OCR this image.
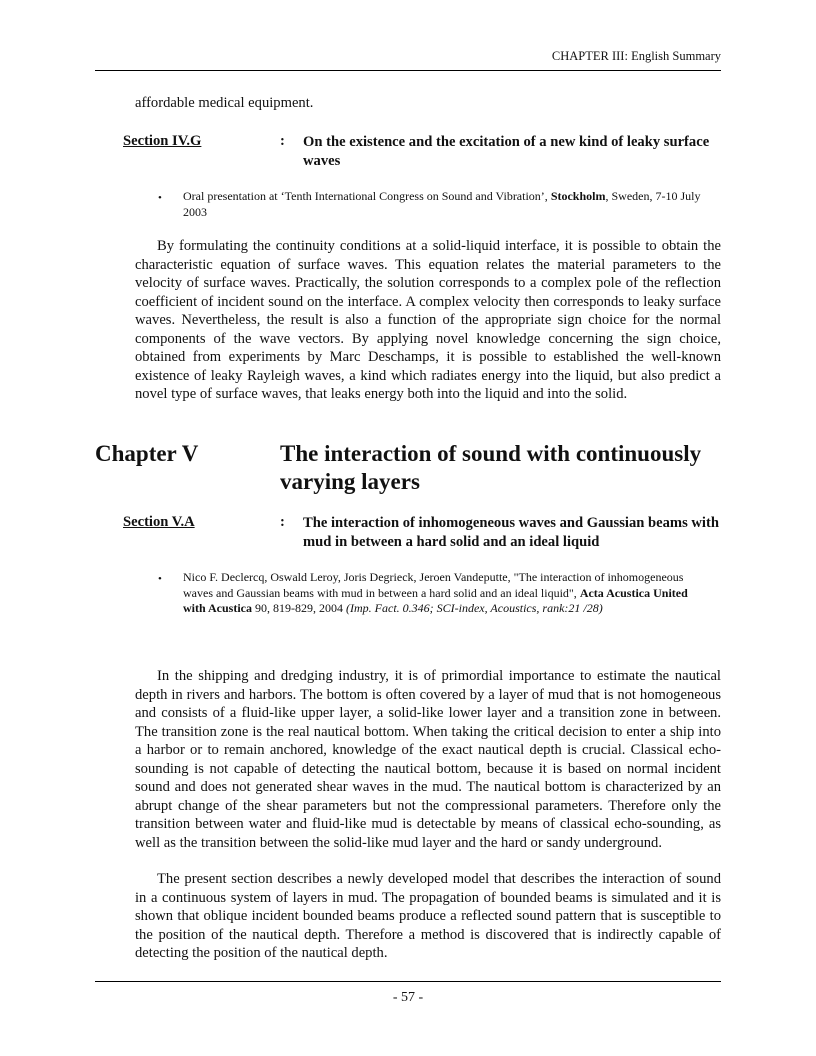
CHAPTER III: English Summary
affordable medical equipment.
Section IV.G	: On the existence and the excitation of a new kind of leaky surface waves
• Oral presentation at ‘Tenth International Congress on Sound and Vibration’, Stockholm, Sweden, 7-10 July 2003
By formulating the continuity conditions at a solid-liquid interface, it is possible to obtain the characteristic equation of surface waves. This equation relates the material parameters to the velocity of surface waves. Practically, the solution corresponds to a complex pole of the reflection coefficient of incident sound on the interface. A complex velocity then corresponds to leaky surface waves. Nevertheless, the result is also a function of the appropriate sign choice for the normal components of the wave vectors. By applying novel knowledge concerning the sign choice, obtained from experiments by Marc Deschamps, it is possible to established the well-known existence of leaky Rayleigh waves, a kind which radiates energy into the liquid, but also predict a novel type of surface waves, that leaks energy both into the liquid and into the solid.
Chapter V	The interaction of sound with continuously varying layers
Section V.A	: The interaction of inhomogeneous waves and Gaussian beams with mud in between a hard solid and an ideal liquid
• Nico F. Declercq, Oswald Leroy, Joris Degrieck, Jeroen Vandeputte, "The interaction of inhomogeneous waves and Gaussian beams with mud in between a hard solid and an ideal liquid", Acta Acustica United with Acustica 90, 819-829, 2004 (Imp. Fact. 0.346; SCI-index, Acoustics, rank:21 /28)
In the shipping and dredging industry, it is of primordial importance to estimate the nautical depth in rivers and harbors. The bottom is often covered by a layer of mud that is not homogeneous and consists of a fluid-like upper layer, a solid-like lower layer and a transition zone in between. The transition zone is the real nautical bottom. When taking the critical decision to enter a ship into a harbor or to remain anchored, knowledge of the exact nautical depth is crucial. Classical echo-sounding is not capable of detecting the nautical bottom, because it is based on normal incident sound and does not generated shear waves in the mud. The nautical bottom is characterized by an abrupt change of the shear parameters but not the compressional parameters. Therefore only the transition between water and fluid-like mud is detectable by means of classical echo-sounding, as well as the transition between the solid-like mud layer and the hard or sandy underground.
The present section describes a newly developed model that describes the interaction of sound in a continuous system of layers in mud. The propagation of bounded beams is simulated and it is shown that oblique incident bounded beams produce a reflected sound pattern that is susceptible to the position of the nautical depth. Therefore a method is discovered that is indirectly capable of detecting the position of the nautical depth.
- 57 -
